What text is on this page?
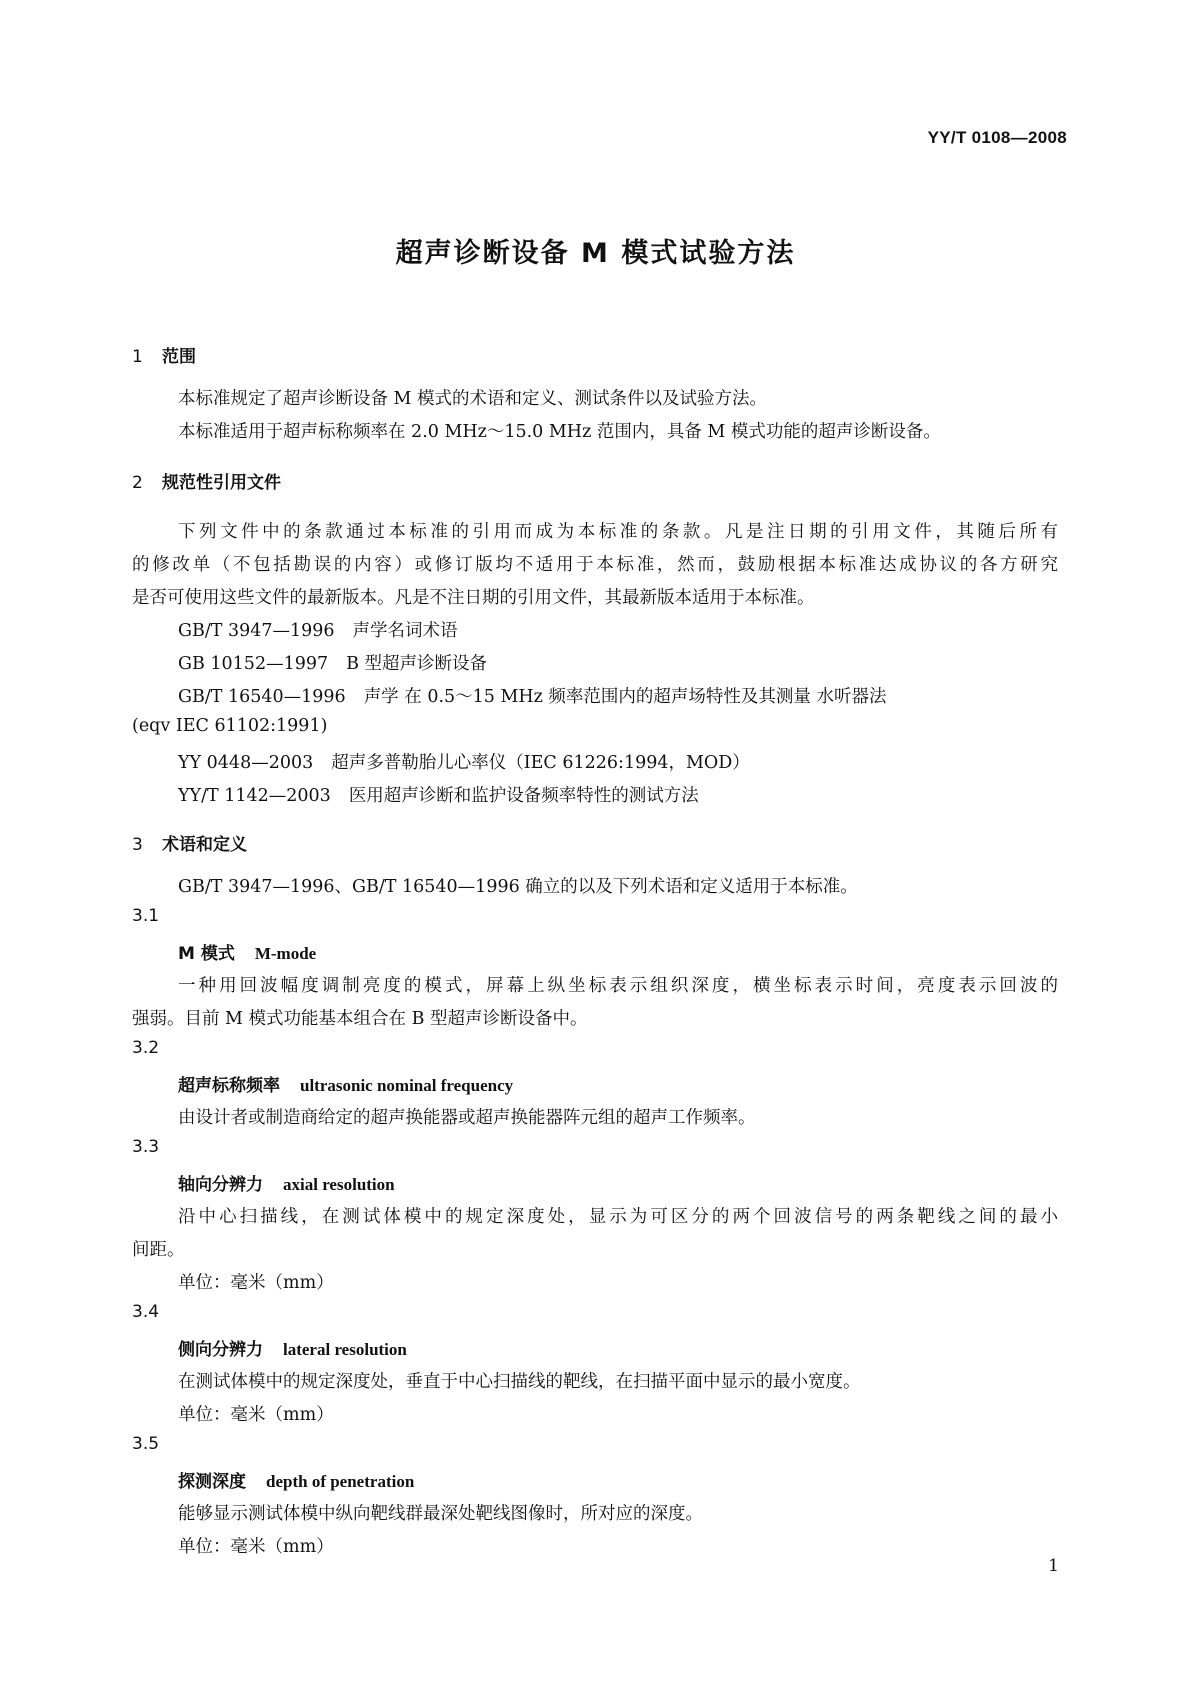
YY/T 0108—2008
超声诊断设备 M 模式试验方法
1 范围
本标准规定了超声诊断设备 M 模式的术语和定义、测试条件以及试验方法。
本标准适用于超声标称频率在 2.0 MHz～15.0 MHz 范围内，具备 M 模式功能的超声诊断设备。
2 规范性引用文件
下列文件中的条款通过本标准的引用而成为本标准的条款。凡是注日期的引用文件，其随后所有
的修改单（不包括勘误的内容）或修订版均不适用于本标准，然而，鼓励根据本标准达成协议的各方研究
是否可使用这些文件的最新版本。凡是不注日期的引用文件，其最新版本适用于本标准。
GB/T 3947—1996 声学名词术语
GB 10152—1997 B 型超声诊断设备
GB/T 16540—1996 声学 在 0.5～15 MHz 频率范围内的超声场特性及其测量 水听器法
(eqv IEC 61102:1991)
YY 0448—2003 超声多普勒胎儿心率仪（IEC 61226:1994，MOD）
YY/T 1142—2003 医用超声诊断和监护设备频率特性的测试方法
3 术语和定义
GB/T 3947—1996、GB/T 16540—1996 确立的以及下列术语和定义适用于本标准。
3.1
M 模式 M-mode
一种用回波幅度调制亮度的模式，屏幕上纵坐标表示组织深度，横坐标表示时间，亮度表示回波的
强弱。目前 M 模式功能基本组合在 B 型超声诊断设备中。
3.2
超声标称频率 ultrasonic nominal frequency
由设计者或制造商给定的超声换能器或超声换能器阵元组的超声工作频率。
3.3
轴向分辨力 axial resolution
沿中心扫描线，在测试体模中的规定深度处，显示为可区分的两个回波信号的两条靶线之间的最小
间距。
单位：毫米（mm）
3.4
侧向分辨力 lateral resolution
在测试体模中的规定深度处，垂直于中心扫描线的靶线，在扫描平面中显示的最小宽度。
单位：毫米（mm）
3.5
探测深度 depth of penetration
能够显示测试体模中纵向靶线群最深处靶线图像时，所对应的深度。
单位：毫米（mm）
1
